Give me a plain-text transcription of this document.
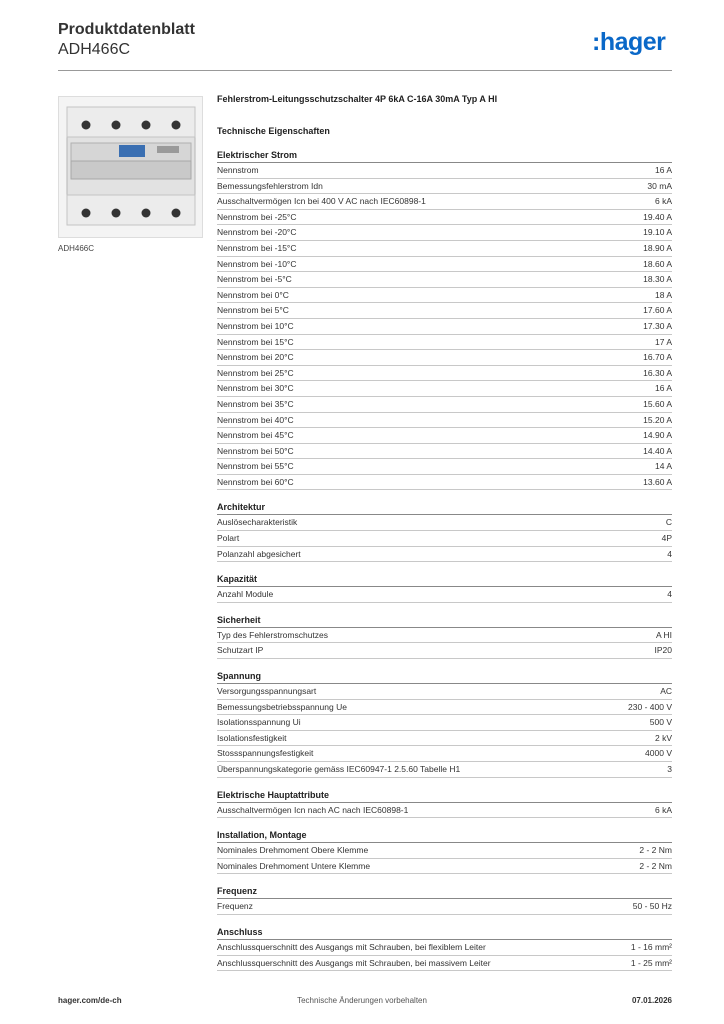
Produktdatenblatt
ADH466C	:hager
ADH466C
Fehlerstrom-Leitungsschutzschalter 4P 6kA C-16A 30mA Typ A HI
Technische Eigenschaften
Elektrischer Strom
Nennstrom	16 A
Bemessungsfehlerstrom Idn	30 mA
Ausschaltvermögen Icn bei 400 V AC nach IEC60898-1	6 kA
Nennstrom bei -25°C	19.40 A
Nennstrom bei -20°C	19.10 A
Nennstrom bei -15°C	18.90 A
Nennstrom bei -10°C	18.60 A
Nennstrom bei -5°C	18.30 A
Nennstrom bei 0°C	18 A
Nennstrom bei 5°C	17.60 A
Nennstrom bei 10°C	17.30 A
Nennstrom bei 15°C	17 A
Nennstrom bei 20°C	16.70 A
Nennstrom bei 25°C	16.30 A
Nennstrom bei 30°C	16 A
Nennstrom bei 35°C	15.60 A
Nennstrom bei 40°C	15.20 A
Nennstrom bei 45°C	14.90 A
Nennstrom bei 50°C	14.40 A
Nennstrom bei 55°C	14 A
Nennstrom bei 60°C	13.60 A
Architektur
Auslösecharakteristik	C
Polart	4P
Polanzahl abgesichert	4
Kapazität
Anzahl Module	4
Sicherheit
Typ des Fehlerstromschutzes	A HI
Schutzart IP	IP20
Spannung
Versorgungsspannungsart	AC
Bemessungsbetriebsspannung Ue	230 - 400 V
Isolationsspannung Ui	500 V
Isolationsfestigkeit	2 kV
Stossspannungsfestigkeit	4000 V
Überspannungskategorie gemäss IEC60947-1 2.5.60 Tabelle H1	3
Elektrische Hauptattribute
Ausschaltvermögen Icn nach AC nach IEC60898-1	6 kA
Installation, Montage
Nominales Drehmoment Obere Klemme	2 - 2 Nm
Nominales Drehmoment Untere Klemme	2 - 2 Nm
Frequenz
Frequenz	50 - 50 Hz
Anschluss
Anschlussquerschnitt des Ausgangs mit Schrauben, bei flexiblem Leiter	1 - 16 mm²
Anschlussquerschnitt des Ausgangs mit Schrauben, bei massivem Leiter	1 - 25 mm²
hager.com/de-ch	Technische Änderungen vorbehalten	07.01.2026
